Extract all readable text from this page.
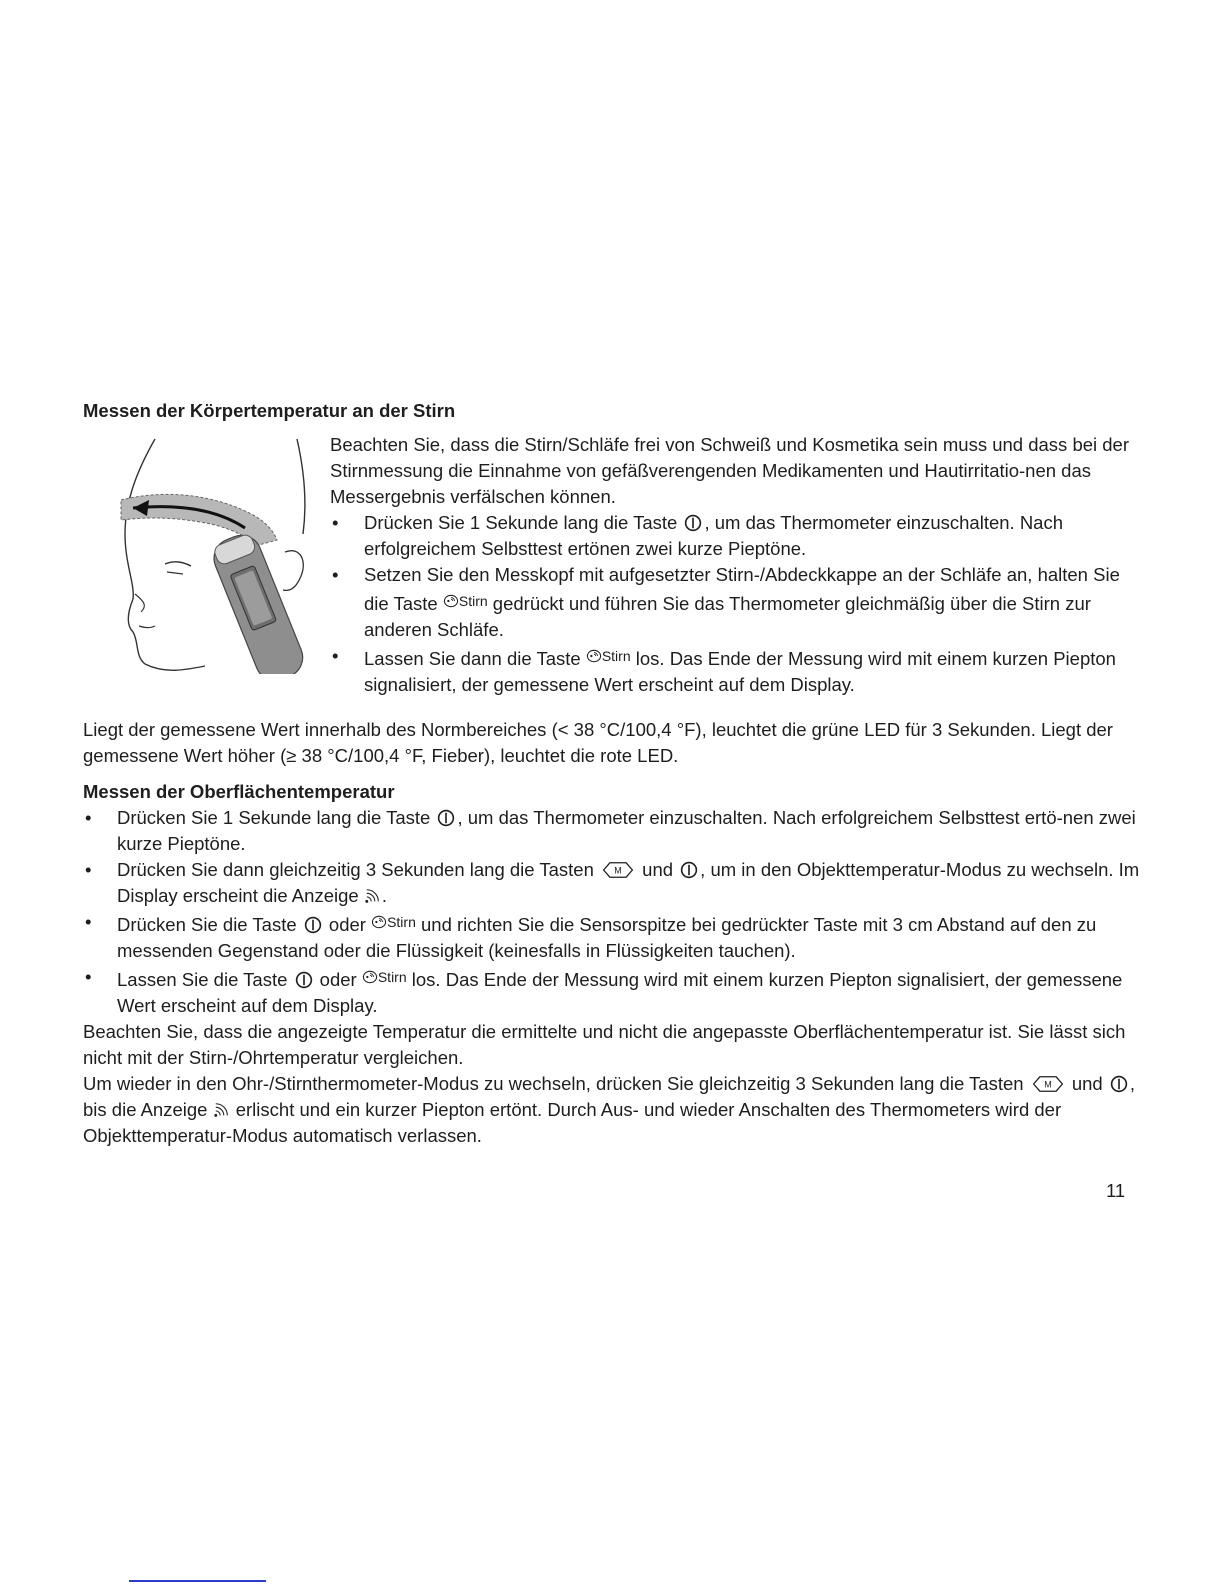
Messen der Körpertemperatur an der Stirn

Beachten Sie, dass die Stirn/Schläfe frei von Schweiß und Kosmetika sein muss und dass bei der Stirnmessung die Einnahme von gefäßverengenden Medikamenten und Hautirritatio-nen das Messergebnis verfälschen können.

• Drücken Sie 1 Sekunde lang die Taste , um das Thermometer einzuschalten. Nach erfolgreichem Selbsttest ertönen zwei kurze Pieptöne.
• Setzen Sie den Messkopf mit aufgesetzter Stirn-/Abdeckkappe an der Schläfe an, halten Sie die Taste $^{Stirn}$ gedrückt und führen Sie das Thermometer gleichmäßig über die Stirn zur anderen Schläfe.
• Lassen Sie dann die Taste $^{Stirn}$ los. Das Ende der Messung wird mit einem kurzen Piepton signalisiert, der gemessene Wert erscheint auf dem Display.

Liegt der gemessene Wert innerhalb des Normbereiches (< 38 °C/100,4 °F), leuchtet die grüne LED für 3 Sekunden. Liegt der gemessene Wert höher (≥ 38 °C/100,4 °F, Fieber), leuchtet die rote LED.

Messen der Oberflächentemperatur

• Drücken Sie 1 Sekunde lang die Taste , um das Thermometer einzuschalten. Nach erfolgreichem Selbsttest ertö-nen zwei kurze Pieptöne.
• Drücken Sie dann gleichzeitig 3 Sekunden lang die Tasten	und , um in den Objekttemperatur-Modus zu wechseln. Im Display erscheint die Anzeige .
• Drücken Sie die Taste oder $^{Stirn}$ und richten Sie die Sensorspitze bei gedrückter Taste mit 3 cm Abstand auf den zu messenden Gegenstand oder die Flüssigkeit (keinesfalls in Flüssigkeiten tauchen).
• Lassen Sie die Taste oder $^{Stirn}$ los. Das Ende der Messung wird mit einem kurzen Piepton signalisiert, der gemessene Wert erscheint auf dem Display.

Beachten Sie, dass die angezeigte Temperatur die ermittelte und nicht die angepasste Oberflächentemperatur ist. Sie lässt sich nicht mit der Stirn-/Ohrtemperatur vergleichen.

Um wieder in den Ohr-/Stirnthermometer-Modus zu wechseln, drücken Sie gleichzeitig 3 Sekunden lang die Tasten	und , bis die Anzeige  erlischt und ein kurzer Piepton ertönt. Durch Aus- und wieder Anschalten des Thermometers wird der Objekttemperatur-Modus automatisch verlassen.

11
